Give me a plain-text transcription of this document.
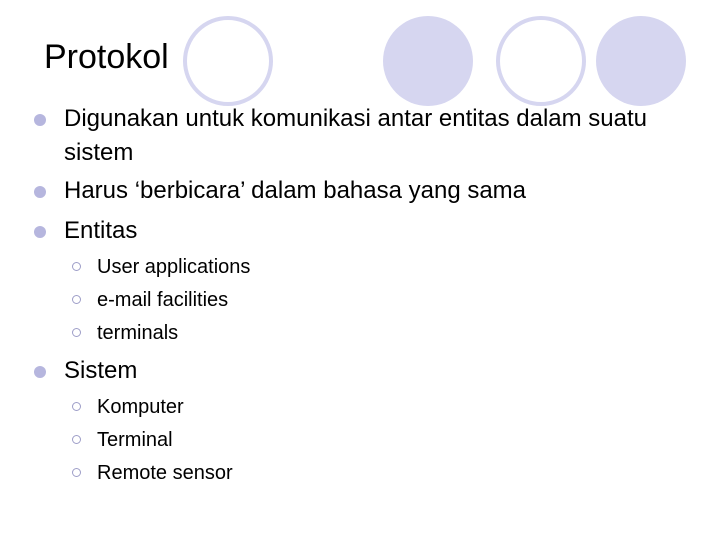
Protokol
Digunakan untuk komunikasi antar entitas dalam suatu sistem
Harus ‘berbicara’ dalam bahasa yang sama
Entitas
User applications
e-mail facilities
terminals
Sistem
Komputer
Terminal
Remote sensor
